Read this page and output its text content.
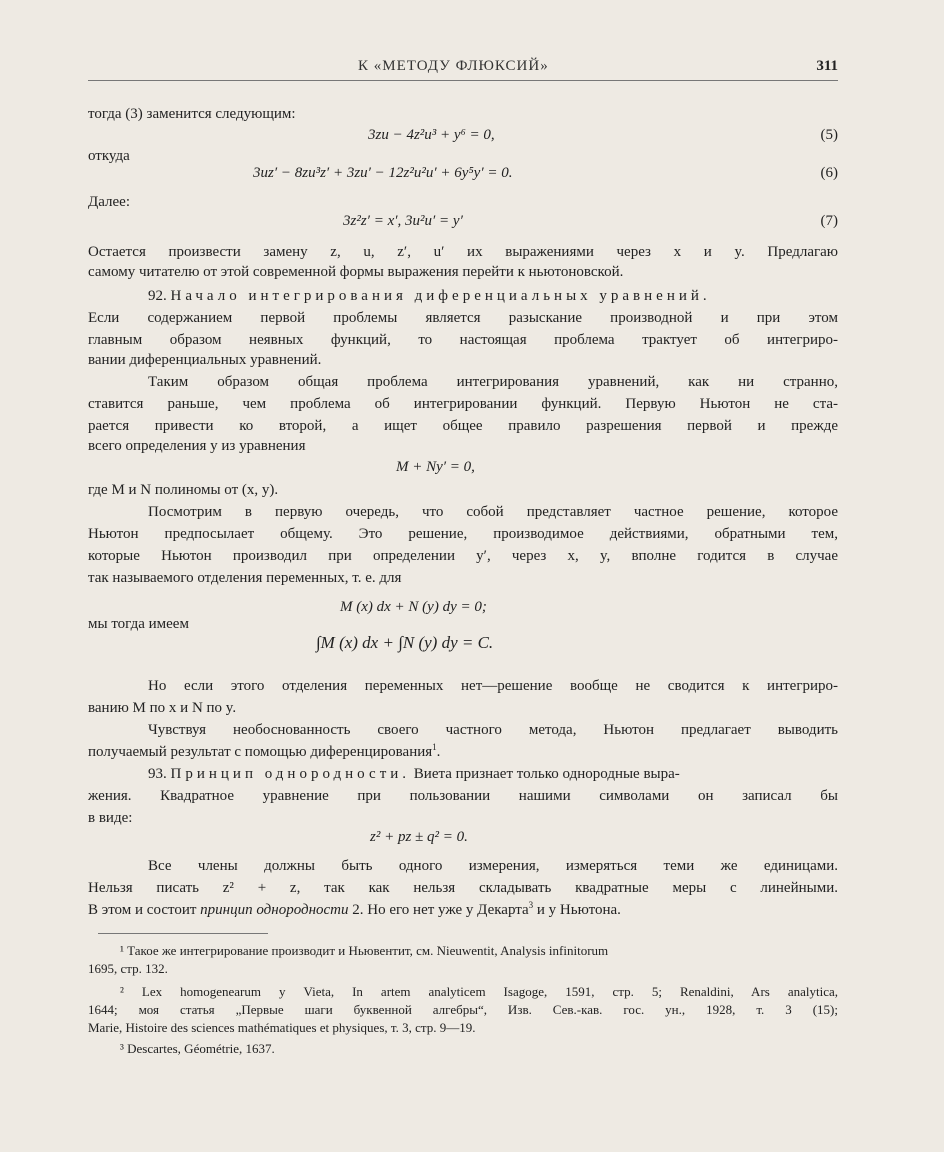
К «МЕТОДУ ФЛЮКСИЙ»	311
тогда (3) заменится следующим:
3zu − 4z²u³ + y⁶ = 0,	(5)
откуда
3uz′ − 8zu³z′ + 3zu′ − 12z²u²u′ + 6y⁵y′ = 0.	(6)
Далее:
3z²z′ = x′, 3u²u′ = y′	(7)
Остается произвести замену z, u, z′, u′ их выражениями через x и y. Предлагаю
самому читателю от этой современной формы выражения перейти к ньютоновской.
92. Начало интегрирования диференциальных уравнений.
Если содержанием первой проблемы является разыскание производной и при этом
главным образом неявных функций, то настоящая проблема трактует об интегриро-
вании диференциальных уравнений.
Таким образом общая проблема интегрирования уравнений, как ни странно,
ставится раньше, чем проблема об интегрировании функций. Первую Ньютон не ста-
рается привести ко второй, а ищет общее правило разрешения первой и прежде
всего определения y из уравнения
M + Ny′ = 0,
где M и N полиномы от (x, y).
Посмотрим в первую очередь, что собой представляет частное решение, которое
Ньютон предпосылает общему. Это решение, производимое действиями, обратными тем,
которые Ньютон производил при определении y′, через x, y, вполне годится в случае
так называемого отделения переменных, т. е. для
M (x) dx + N (y) dy = 0;
мы тогда имеем
∫M (x) dx + ∫N (y) dy = C.
Но если этого отделения переменных нет—решение вообще не сводится к интегриро-
ванию M по x и N по y.
Чувствуя необоснованность своего частного метода, Ньютон предлагает выводить
получаемый результат с помощью диференцирования$^1$.
93. Принцип однородности. Виета признает только однородные выра-
жения. Квадратное уравнение при пользовании нашими символами он записал бы
в виде:
z² + pz ± q² = 0.
Все члены должны быть одного измерения, измеряться теми же единицами.
Нельзя писать z² + z, так как нельзя складывать квадратные меры с линейными.
В этом и состоит принцип однородности 2. Но его нет уже у Декарта$^3$ и у Ньютона.
¹ Такое же интегрирование производит и Ньювентит, см. Nieuwentit, Analysis infinitorum
1695, стр. 132.
² Lex homogenearum у Vieta, In artem analyticem Isagoge, 1591, стр. 5; Renaldini, Ars analytica,
1644; моя статья „Первые шаги буквенной алгебры“, Изв. Сев.-кав. гос. ун., 1928, т. 3 (15);
Marie, Histoire des sciences mathématiques et physiques, т. 3, стр. 9—19.
³ Descartes, Géométrie, 1637.
